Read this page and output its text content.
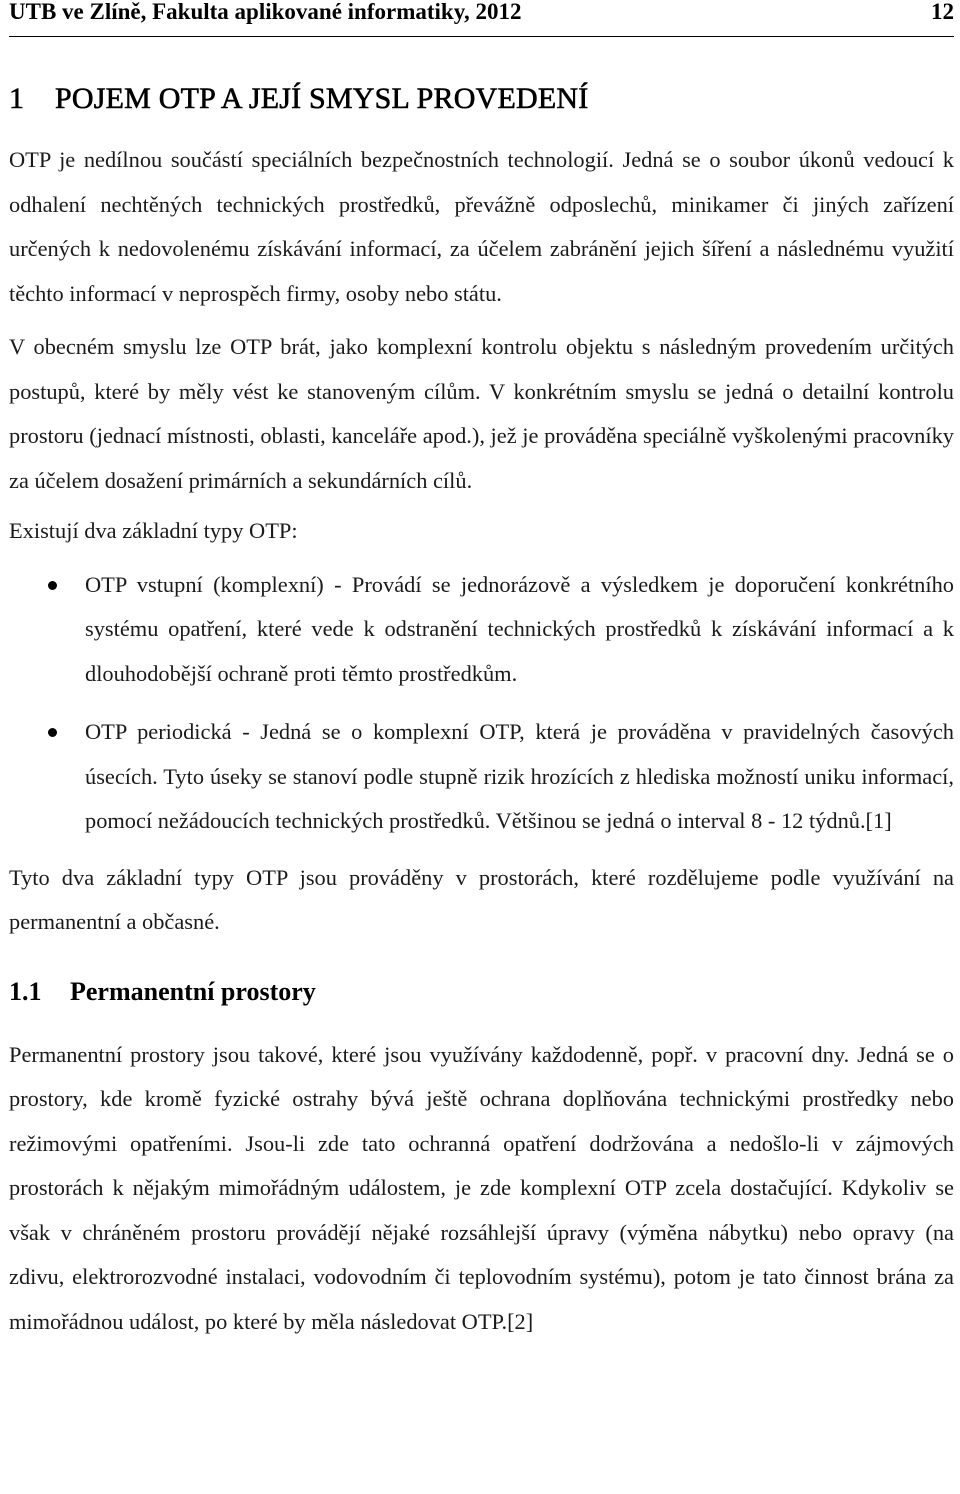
UTB ve Zlíně, Fakulta aplikované informatiky, 2012	12
1 POJEM OTP A JEJÍ SMYSL PROVEDENÍ

OTP je nedílnou součástí speciálních bezpečnostních technologií. Jedná se o soubor úkonů vedoucí k odhalení nechtěných technických prostředků, převážně odposlechů, minikamer či jiných zařízení určených k nedovolenému získávání informací, za účelem zabránění jejich šíření a následnému využití těchto informací v neprospěch firmy, osoby nebo státu.

V obecném smyslu lze OTP brát, jako komplexní kontrolu objektu s následným provedením určitých postupů, které by měly vést ke stanoveným cílům. V konkrétním smyslu se jedná o detailní kontrolu prostoru (jednací místnosti, oblasti, kanceláře apod.), jež je prováděna speciálně vyškolenými pracovníky za účelem dosažení primárních a sekundárních cílů.

Existují dva základní typy OTP:

OTP vstupní (komplexní) - Provádí se jednorázově a výsledkem je doporučení konkrétního systému opatření, které vede k odstranění technických prostředků k získávání informací a k dlouhodobější ochraně proti těmto prostředkům.
OTP periodická - Jedná se o komplexní OTP, která je prováděna v pravidelných časových úsecích. Tyto úseky se stanoví podle stupně rizik hrozících z hlediska možností uniku informací, pomocí nežádoucích technických prostředků. Většinou se jedná o interval 8 - 12 týdnů.[1]

Tyto dva základní typy OTP jsou prováděny v prostorách, které rozdělujeme podle využívání na permanentní a občasné.

1.1 Permanentní prostory

Permanentní prostory jsou takové, které jsou využívány každodenně, popř. v pracovní dny. Jedná se o prostory, kde kromě fyzické ostrahy bývá ještě ochrana doplňována technickými prostředky nebo režimovými opatřeními. Jsou-li zde tato ochranná opatření dodržována a nedošlo-li v zájmových prostorách k nějakým mimořádným událostem, je zde komplexní OTP zcela dostačující. Kdykoliv se však v chráněném prostoru provádějí nějaké rozsáhlejší úpravy (výměna nábytku) nebo opravy (na zdivu, elektrorozvodné instalaci, vodovodním či teplovodním systému), potom je tato činnost brána za mimořádnou událost, po které by měla následovat OTP.[2]
